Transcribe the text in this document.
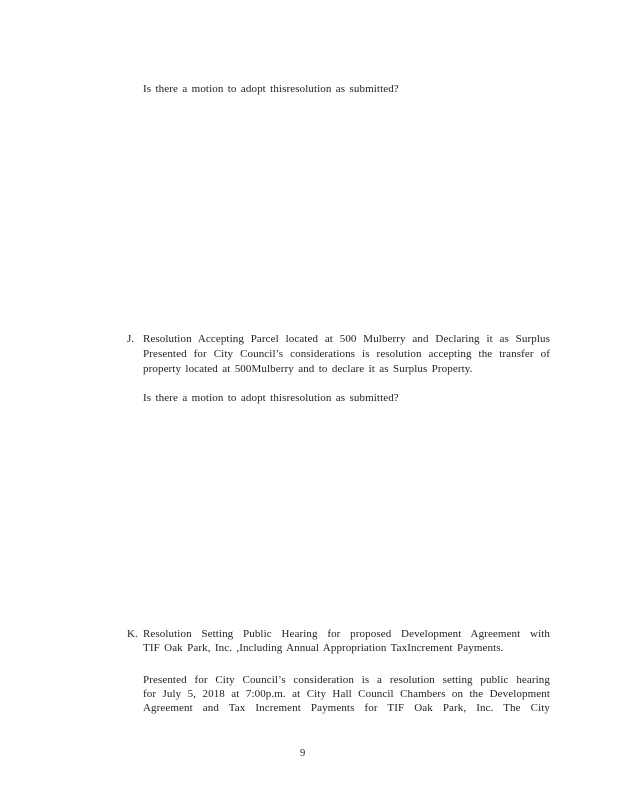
Is there a motion to adopt thisresolution as submitted?
J. Resolution Accepting Parcel located at 500 Mulberry and Declaring it as Surplus
Presented for City Council’s considerations is resolution accepting the transfer of
property located at 500Mulberry and to declare it as Surplus Property.
Is there a motion to adopt thisresolution as submitted?
K. Resolution Setting Public Hearing for proposed Development Agreement with
TIF Oak Park, Inc. ,Including Annual Appropriation TaxIncrement Payments.
Presented for City Council’s consideration is a resolution setting public hearing
for July 5, 2018 at 7:00p.m. at City Hall Council Chambers on the Development
Agreement and Tax Increment Payments for TIF Oak Park, Inc. The City
9
